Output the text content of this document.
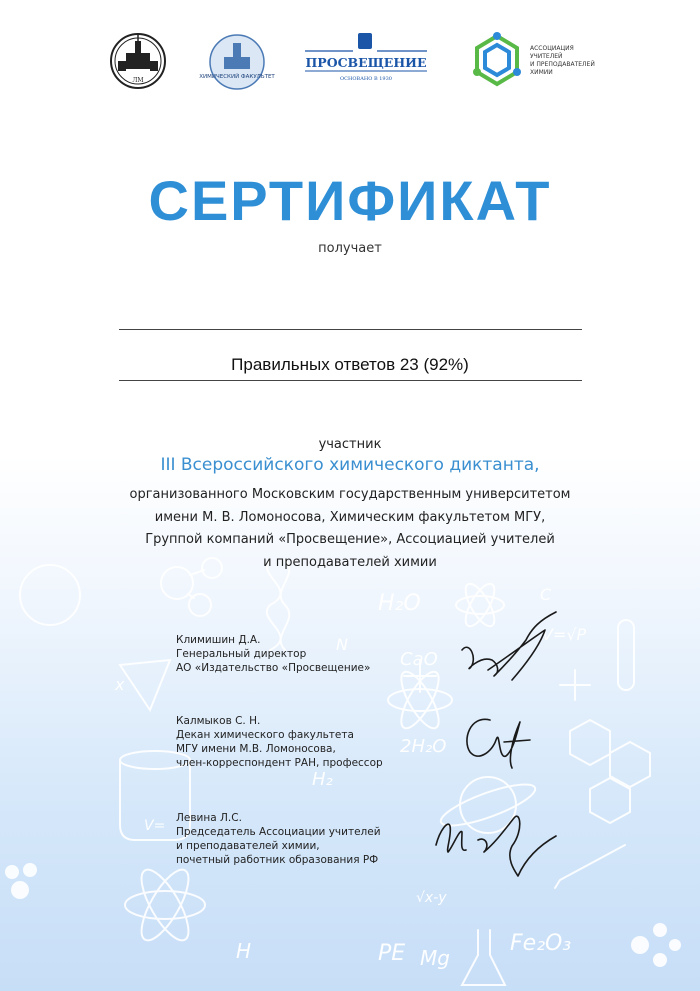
H₂O
2H₂O
H₂
CaO
V=√P
V=
PE Mg
Fe₂O₃
√x-y
H
N
C
x
ЛМ	ХИМИЧЕСКИЙ ФАКУЛЬТЕТ
ПРОСВЕЩЕНИЕ
ОСНОВАНО В 1930
АССОЦИАЦИЯ
УЧИТЕЛЕЙ
И ПРЕПОДАВАТЕЛЕЙ
ХИМИИ
СЕРТИФИКАТ
получает
Правильных ответов 23 (92%)
участник
III Всероссийского химического диктанта,
организованного Московским государственным университетом
имени М. В. Ломоносова, Химическим факультетом МГУ,
Группой компаний «Просвещение», Ассоциацией учителей
и преподавателей химии
Климишин Д.А.
Генеральный директор
АО «Издательство «Просвещение»
Калмыков С. Н.
Декан химического факультета
МГУ имени М.В. Ломоносова,
член-корреспондент РАН, профессор
Левина Л.С.
Председатель Ассоциации учителей
и преподавателей химии,
почетный работник образования РФ
